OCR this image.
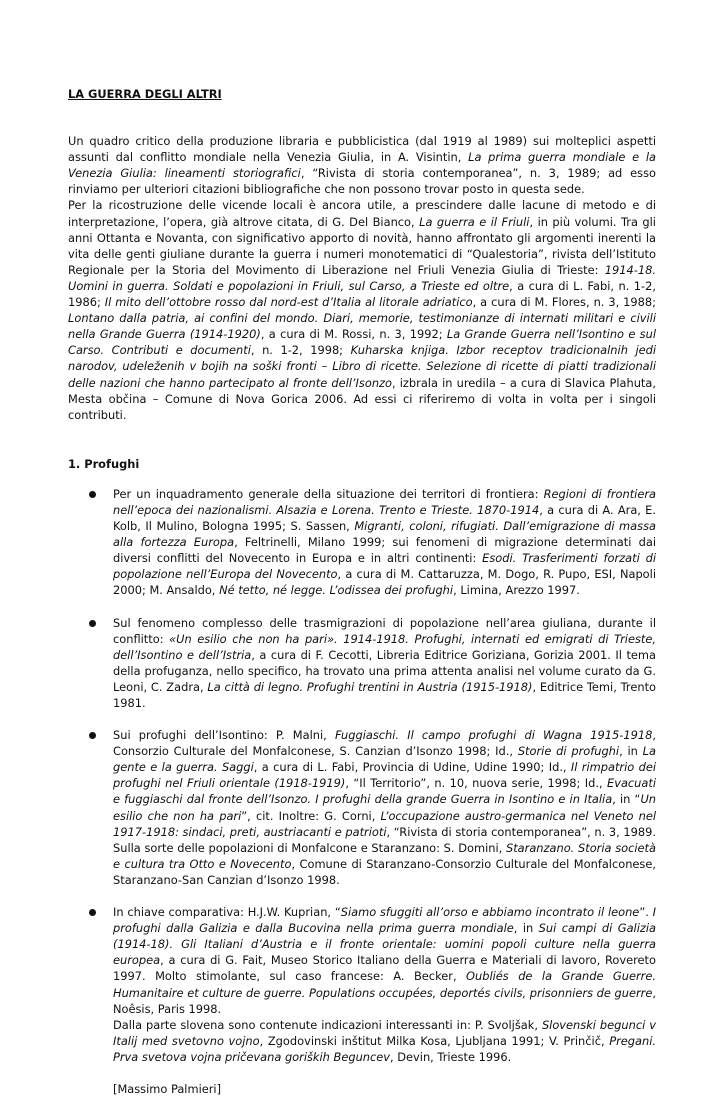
LA GUERRA DEGLI ALTRI

Un quadro critico della produzione libraria e pubblicistica (dal 1919 al 1989) sui molteplici aspetti assunti dal conflitto mondiale nella Venezia Giulia, in A. Visintin, La prima guerra mondiale e la Venezia Giulia: lineamenti storiografici, “Rivista di storia contemporanea”, n. 3, 1989; ad esso rinviamo per ulteriori citazioni bibliografiche che non possono trovar posto in questa sede.

Per la ricostruzione delle vicende locali è ancora utile, a prescindere dalle lacune di metodo e di interpretazione, l’opera, già altrove citata, di G. Del Bianco, La guerra e il Friuli, in più volumi. Tra gli anni Ottanta e Novanta, con significativo apporto di novità, hanno affrontato gli argomenti inerenti la vita delle genti giuliane durante la guerra i numeri monotematici di “Qualestoria”, rivista dell’Istituto Regionale per la Storia del Movimento di Liberazione nel Friuli Venezia Giulia di Trieste: 1914-18. Uomini in guerra. Soldati e popolazioni in Friuli, sul Carso, a Trieste ed oltre, a cura di L. Fabi, n. 1-2, 1986; Il mito dell’ottobre rosso dal nord-est d’Italia al litorale adriatico, a cura di M. Flores, n. 3, 1988; Lontano dalla patria, ai confini del mondo. Diari, memorie, testimonianze di internati militari e civili nella Grande Guerra (1914-1920), a cura di M. Rossi, n. 3, 1992; La Grande Guerra nell’Isontino e sul Carso. Contributi e documenti, n. 1-2, 1998; Kuharska knjiga. Izbor receptov tradicionalnih jedi narodov, udeleženih v bojih na soški fronti – Libro di ricette. Selezione di ricette di piatti tradizionali delle nazioni che hanno partecipato al fronte dell’Isonzo, izbrala in uredila – a cura di Slavica Plahuta, Mesta občina – Comune di Nova Gorica 2006. Ad essi ci riferiremo di volta in volta per i singoli contributi.

1. Profughi

Per un inquadramento generale della situazione dei territori di frontiera: Regioni di frontiera nell’epoca dei nazionalismi. Alsazia e Lorena. Trento e Trieste. 1870-1914, a cura di A. Ara, E. Kolb, Il Mulino, Bologna 1995; S. Sassen, Migranti, coloni, rifugiati. Dall’emigrazione di massa alla fortezza Europa, Feltrinelli, Milano 1999; sui fenomeni di migrazione determinati dai diversi conflitti del Novecento in Europa e in altri continenti: Esodi. Trasferimenti forzati di popolazione nell’Europa del Novecento, a cura di M. Cattaruzza, M. Dogo, R. Pupo, ESI, Napoli 2000; M. Ansaldo, Né tetto, né legge. L’odissea dei profughi, Limina, Arezzo 1997.

Sul fenomeno complesso delle trasmigrazioni di popolazione nell’area giuliana, durante il conflitto: «Un esilio che non ha pari». 1914-1918. Profughi, internati ed emigrati di Trieste, dell’Isontino e dell’Istria, a cura di F. Cecotti, Libreria Editrice Goriziana, Gorizia 2001. Il tema della profuganza, nello specifico, ha trovato una prima attenta analisi nel volume curato da G. Leoni, C. Zadra, La città di legno. Profughi trentini in Austria (1915-1918), Editrice Temi, Trento 1981.

Sui profughi dell’Isontino: P. Malni, Fuggiaschi. Il campo profughi di Wagna 1915-1918, Consorzio Culturale del Monfalconese, S. Canzian d’Isonzo 1998; Id., Storie di profughi, in La gente e la guerra. Saggi, a cura di L. Fabi, Provincia di Udine, Udine 1990; Id., Il rimpatrio dei profughi nel Friuli orientale (1918-1919), “Il Territorio”, n. 10, nuova serie, 1998; Id., Evacuati e fuggiaschi dal fronte dell’Isonzo. I profughi della grande Guerra in Isontino e in Italia, in “Un esilio che non ha pari”, cit. Inoltre: G. Corni, L’occupazione austro-germanica nel Veneto nel 1917-1918: sindaci, preti, austriacanti e patrioti, “Rivista di storia contemporanea”, n. 3, 1989. Sulla sorte delle popolazioni di Monfalcone e Staranzano: S. Domini, Staranzano. Storia società e cultura tra Otto e Novecento, Comune di Staranzano-Consorzio Culturale del Monfalconese, Staranzano-San Canzian d’Isonzo 1998.

In chiave comparativa: H.J.W. Kuprian, “Siamo sfuggiti all’orso e abbiamo incontrato il leone”. I profughi dalla Galizia e dalla Bucovina nella prima guerra mondiale, in Sui campi di Galizia (1914-18). Gli Italiani d’Austria e il fronte orientale: uomini popoli culture nella guerra europea, a cura di G. Fait, Museo Storico Italiano della Guerra e Materiali di lavoro, Rovereto 1997. Molto stimolante, sul caso francese: A. Becker, Oubliés de la Grande Guerre. Humanitaire et culture de guerre. Populations occupées, deportés civils, prisonniers de guerre, Noêsis, Paris 1998.

Dalla parte slovena sono contenute indicazioni interessanti in: P. Svoljšak, Slovenski begunci v Italij med svetovno vojno, Zgodovinski inštitut Milka Kosa, Ljubljana 1991; V. Prinčič, Pregani. Prva svetova vojna pričevana goriških Beguncev, Devin, Trieste 1996.

[Massimo Palmieri]
